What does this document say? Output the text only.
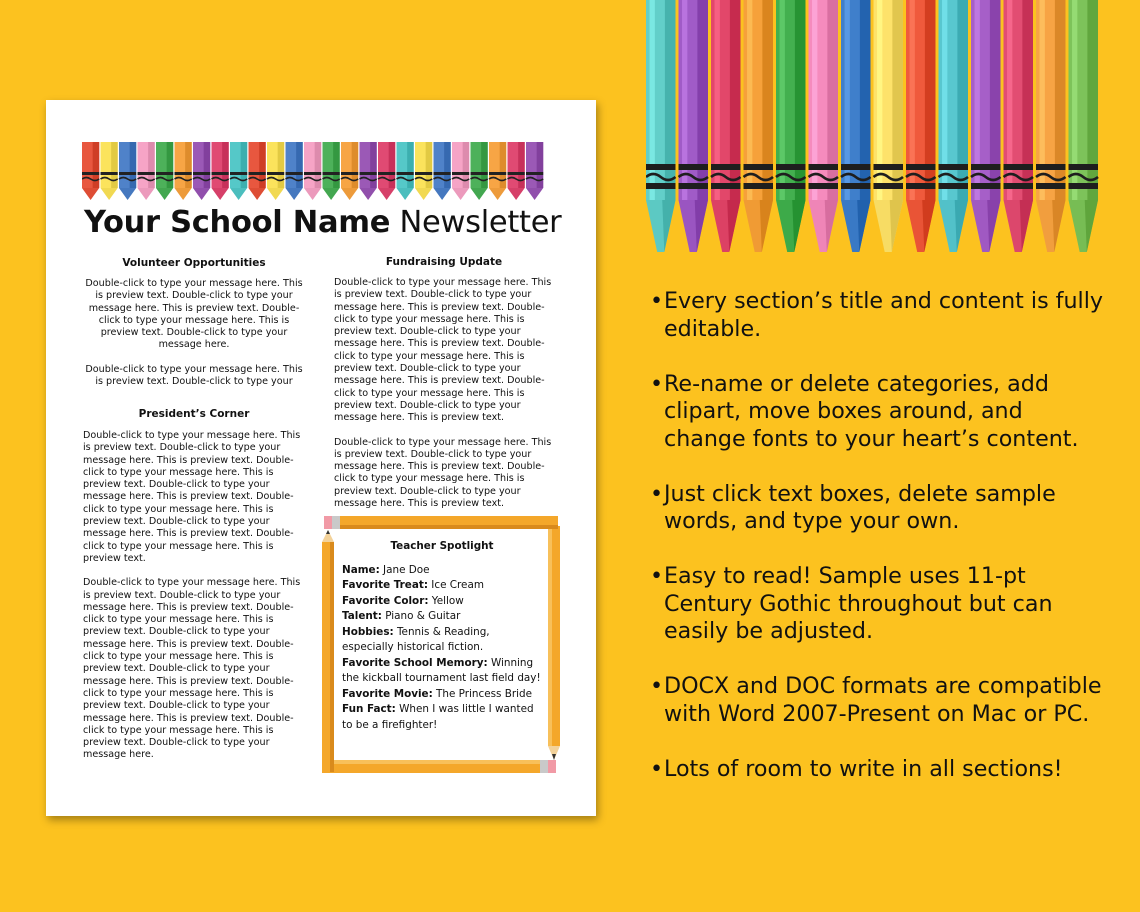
Your School Name Newsletter
Volunteer Opportunities

Double-click to type your message here. This is preview text. Double-click to type your message here. This is preview text. Double-click to type your message here. This is preview text. Double-click to type your message here.

Double-click to type your message here. This is preview text. Double-click to type your

President’s Corner

Double-click to type your message here. This is preview text. Double-click to type your message here. This is preview text. Double-click to type your message here. This is preview text. Double-click to type your message here. This is preview text. Double-click to type your message here. This is preview text. Double-click to type your message here. This is preview text. Double-click to type your message here. This is preview text.

Double-click to type your message here. This is preview text. Double-click to type your message here. This is preview text. Double-click to type your message here. This is preview text. Double-click to type your message here. This is preview text. Double-click to type your message here. This is preview text. Double-click to type your message here. This is preview text. Double-click to type your message here. This is preview text. Double-click to type your message here. This is preview text. Double-click to type your message here. This is preview text. Double-click to type your message here.

Fundraising Update

Double-click to type your message here. This is preview text. Double-click to type your message here. This is preview text. Double-click to type your message here. This is preview text. Double-click to type your message here. This is preview text. Double-click to type your message here. This is preview text. Double-click to type your message here. This is preview text. Double-click to type your message here. This is preview text. Double-click to type your message here. This is preview text.

Double-click to type your message here. This is preview text. Double-click to type your message here. This is preview text. Double-click to type your message here. This is preview text. Double-click to type your message here. This is preview text.

Teacher Spotlight
Name: Jane Doe
Favorite Treat: Ice Cream
Favorite Color: Yellow
Talent: Piano & Guitar
Hobbies: Tennis & Reading, especially historical fiction.
Favorite School Memory: Winning the kickball tournament last field day!
Favorite Movie: The Princess Bride
Fun Fact: When I was little I wanted to be a firefighter!
• Every section’s title and content is fully editable.
• Re-name or delete categories, add clipart, move boxes around, and change fonts to your heart’s content.
• Just click text boxes, delete sample words, and type your own.
• Easy to read! Sample uses 11-pt Century Gothic throughout but can easily be adjusted.
• DOCX and DOC formats are compatible with Word 2007-Present on Mac or PC.
• Lots of room to write in all sections!
